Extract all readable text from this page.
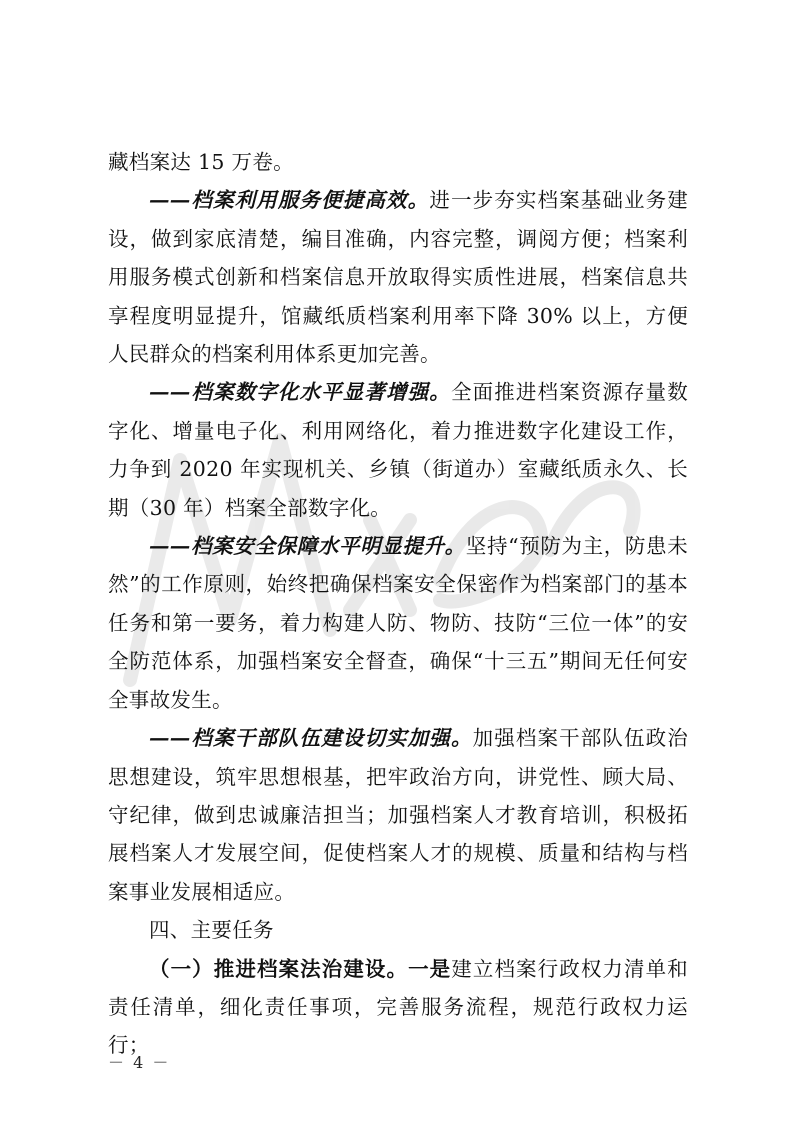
藏档案达 15 万卷。

——档案利用服务便捷高效。进一步夯实档案基础业务建设，做到家底清楚，编目准确，内容完整，调阅方便；档案利用服务模式创新和档案信息开放取得实质性进展，档案信息共享程度明显提升，馆藏纸质档案利用率下降 30% 以上，方便人民群众的档案利用体系更加完善。

——档案数字化水平显著增强。全面推进档案资源存量数字化、增量电子化、利用网络化，着力推进数字化建设工作，力争到 2020 年实现机关、乡镇（街道办）室藏纸质永久、长期（30 年）档案全部数字化。

——档案安全保障水平明显提升。坚持“预防为主，防患未然”的工作原则，始终把确保档案安全保密作为档案部门的基本任务和第一要务，着力构建人防、物防、技防“三位一体”的安全防范体系，加强档案安全督查，确保“十三五”期间无任何安全事故发生。

——档案干部队伍建设切实加强。加强档案干部队伍政治思想建设，筑牢思想根基，把牢政治方向，讲党性、顾大局、守纪律，做到忠诚廉洁担当；加强档案人才教育培训，积极拓展档案人才发展空间，促使档案人才的规模、质量和结构与档案事业发展相适应。

四、主要任务

（一）推进档案法治建设。一是建立档案行政权力清单和责任清单，细化责任事项，完善服务流程，规范行政权力运行；

－ 4 －
